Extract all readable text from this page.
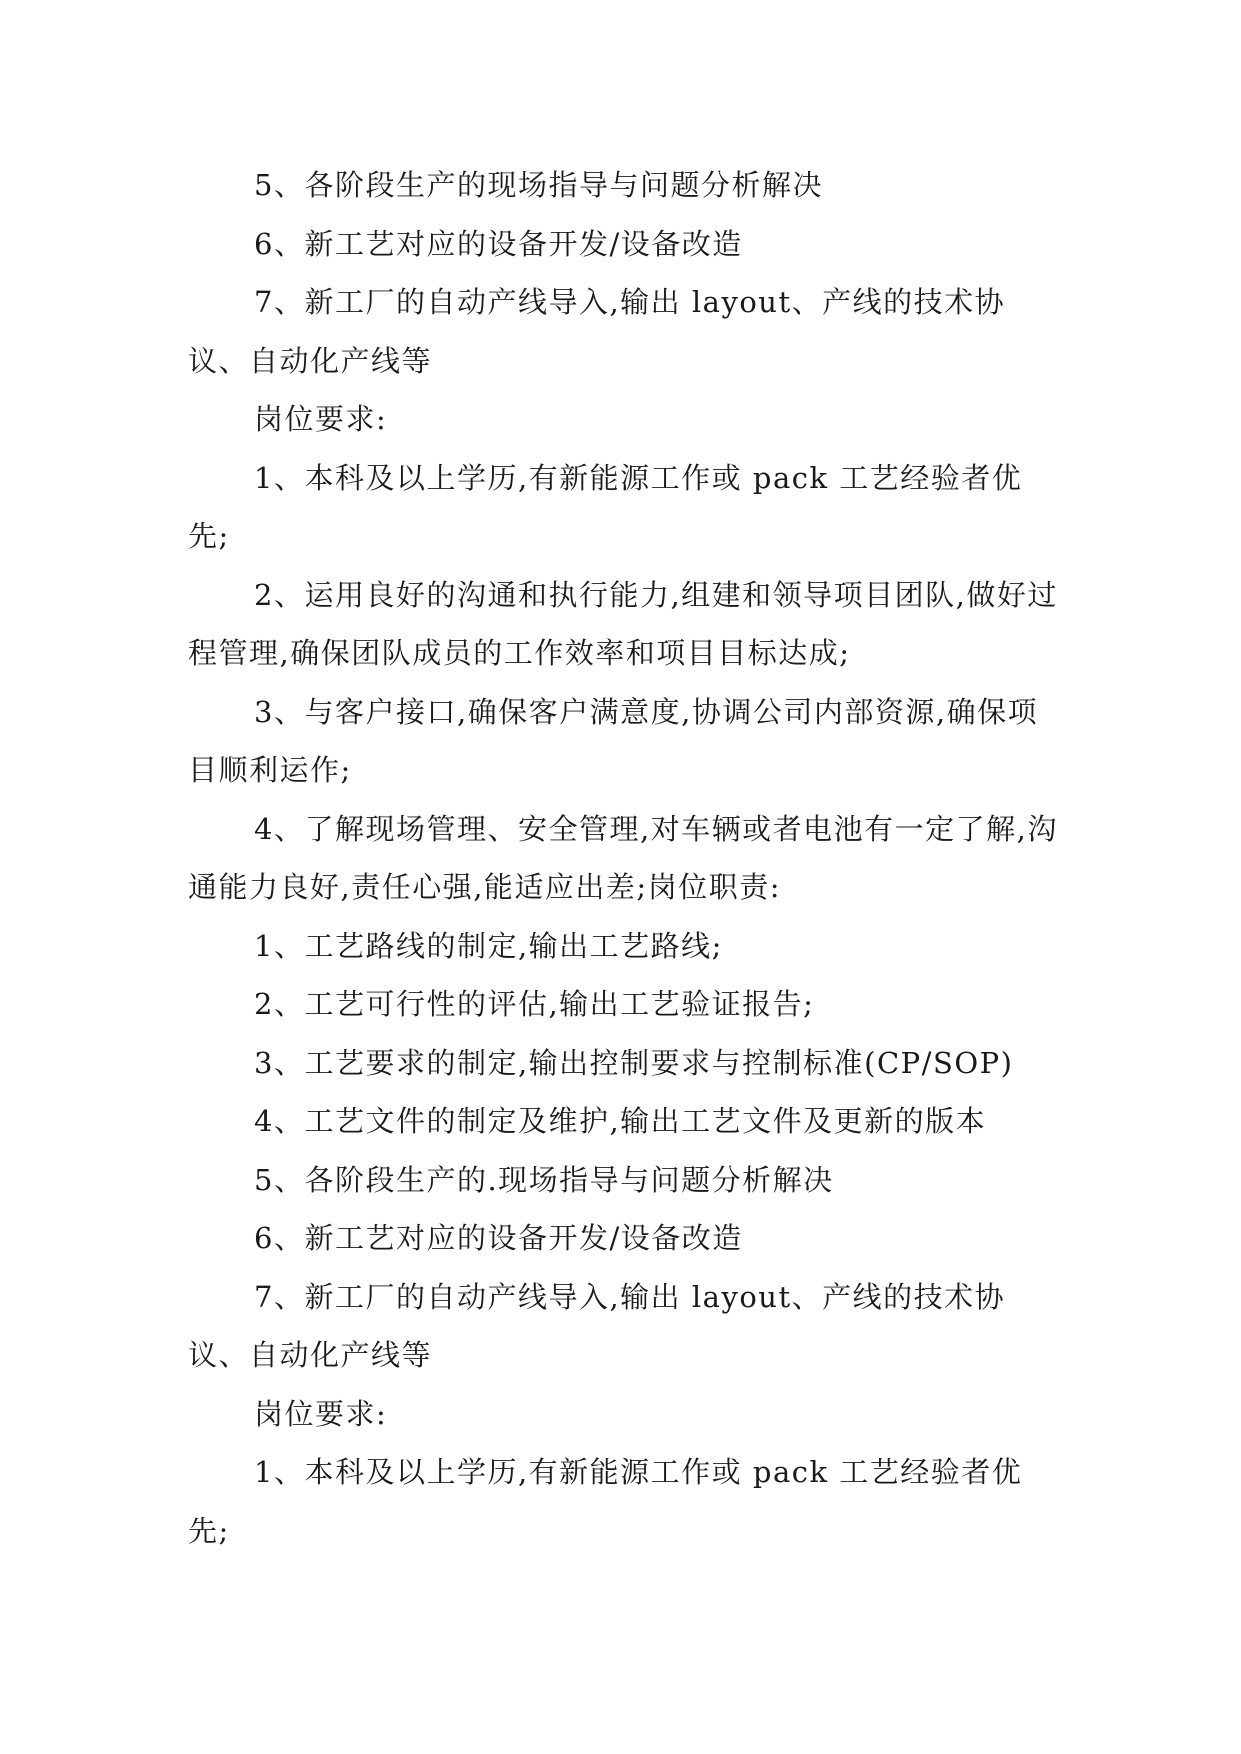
5、各阶段生产的现场指导与问题分析解决

6、新工艺对应的设备开发/设备改造

7、新工厂的自动产线导入,输出 layout、产线的技术协议、自动化产线等

岗位要求:

1、本科及以上学历,有新能源工作或 pack 工艺经验者优先;

2、运用良好的沟通和执行能力,组建和领导项目团队,做好过程管理,确保团队成员的工作效率和项目目标达成;

3、与客户接口,确保客户满意度,协调公司内部资源,确保项目顺利运作;

4、了解现场管理、安全管理,对车辆或者电池有一定了解,沟通能力良好,责任心强,能适应出差;岗位职责:

1、工艺路线的制定,输出工艺路线;

2、工艺可行性的评估,输出工艺验证报告;

3、工艺要求的制定,输出控制要求与控制标准(CP/SOP)

4、工艺文件的制定及维护,输出工艺文件及更新的版本

5、各阶段生产的.现场指导与问题分析解决

6、新工艺对应的设备开发/设备改造

7、新工厂的自动产线导入,输出 layout、产线的技术协议、自动化产线等

岗位要求:

1、本科及以上学历,有新能源工作或 pack 工艺经验者优先;
